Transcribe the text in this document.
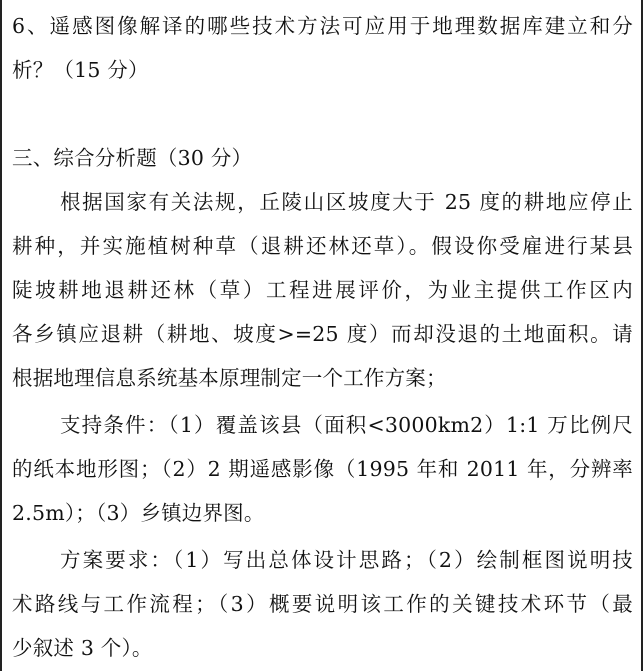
6、遥感图像解译的哪些技术方法可应用于地理数据库建立和分
析？（15 分）
三、综合分析题（30 分）
根据国家有关法规，丘陵山区坡度大于 25 度的耕地应停止
耕种，并实施植树种草（退耕还林还草）。假设你受雇进行某县
陡坡耕地退耕还林（草）工程进展评价，为业主提供工作区内
各乡镇应退耕（耕地、坡度>=25 度）而却没退的土地面积。请
根据地理信息系统基本原理制定一个工作方案；
支持条件：（1）覆盖该县（面积<3000km2）1:1 万比例尺
的纸本地形图；（2）2 期遥感影像（1995 年和 2011 年，分辨率
2.5m）；（3）乡镇边界图。
方案要求：（1）写出总体设计思路；（2）绘制框图说明技
术路线与工作流程；（3）概要说明该工作的关键技术环节（最
少叙述 3 个）。
